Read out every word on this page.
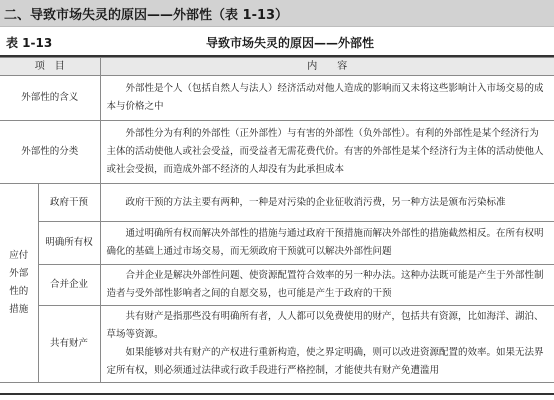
二、导致市场失灵的原因——外部性（表 1-13）
表 1-13	导致市场失灵的原因——外部性
项　目		内　　容
外部性的含义		外部性是个人（包括自然人与法人）经济活动对他人造成的影响而又未将这些影响计入市场交易的成本与价格之中
外部性的分类		外部性分为有利的外部性（正外部性）与有害的外部性（负外部性）。有利的外部性是某个经济行为主体的活动使他人或社会受益，而受益者无需花费代价。有害的外部性是某个经济行为主体的活动使他人或社会受损，而造成外部不经济的人却没有为此承担成本
应付外部性的措施	政府干预	政府干预的方法主要有两种，一种是对污染的企业征收消污费，另一种方法是颁布污染标准
	明确所有权	通过明确所有权而解决外部性的措施与通过政府干预措施而解决外部性的措施截然相反。在所有权明确化的基础上通过市场交易，而无须政府干预就可以解决外部性问题
	合并企业	合并企业是解决外部性问题、使资源配置符合效率的另一种办法。这种办法既可能是产生于外部性制造者与受外部性影响者之间的自愿交易，也可能是产生于政府的干预
	共有财产	共有财产是指那些没有明确所有者，人人都可以免费使用的财产，包括共有资源，比如海洋、湖泊、草场等资源。
如果能够对共有财产的产权进行重新构造，使之界定明确，则可以改进资源配置的效率。如果无法界定所有权，则必须通过法律或行政手段进行严格控制，才能使共有财产免遭滥用
